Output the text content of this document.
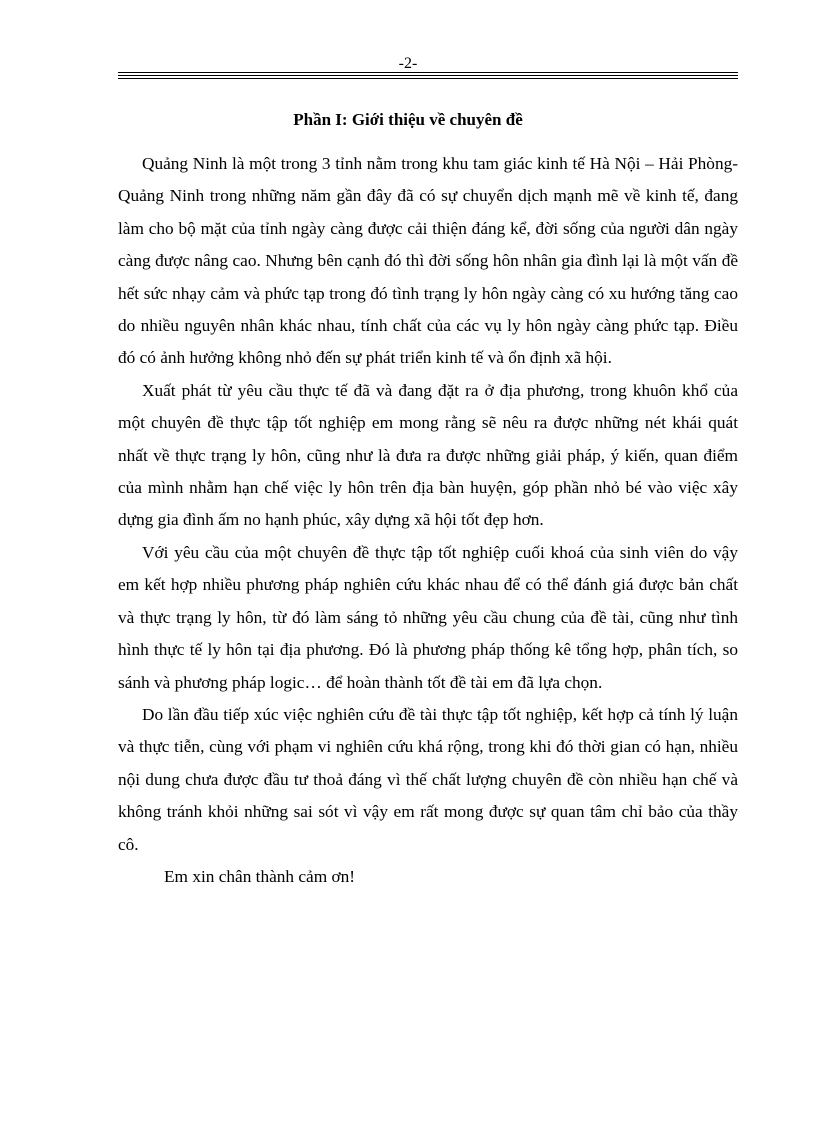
-2-
Phần I: Giới thiệu về chuyên đề

Quảng Ninh là một trong 3 tỉnh nằm trong khu tam giác kinh tế Hà Nội – Hải Phòng- Quảng Ninh trong những năm gần đây đã có sự chuyển dịch mạnh mẽ về kinh tế, đang làm cho bộ mặt của tỉnh ngày càng được cải thiện đáng kể, đời sống của người dân ngày càng được nâng cao. Nhưng bên cạnh đó thì đời sống hôn nhân gia đình lại là một vấn đề hết sức nhạy cảm và phức tạp trong đó tình trạng ly hôn ngày càng có xu hướng tăng cao do nhiều nguyên nhân khác nhau, tính chất của các vụ ly hôn ngày càng phức tạp. Điều đó có ảnh hưởng không nhỏ đến sự phát triển kinh tế và ổn định xã hội.

Xuất phát từ yêu cầu thực tế đã và đang đặt ra ở địa phương, trong khuôn khổ của một chuyên đề thực tập tốt nghiệp em mong rằng sẽ nêu ra được những nét khái quát nhất về thực trạng ly hôn, cũng như là đưa ra được những giải pháp, ý kiến, quan điểm của mình nhằm hạn chế việc ly hôn trên địa bàn huyện, góp phần nhỏ bé vào việc xây dựng gia đình ấm no hạnh phúc, xây dựng xã hội tốt đẹp hơn.

Với yêu cầu của một chuyên đề thực tập tốt nghiệp cuối khoá của sinh viên do vậy em kết hợp nhiều phương pháp nghiên cứu khác nhau để có thể đánh giá được bản chất và thực trạng ly hôn, từ đó làm sáng tỏ những yêu cầu chung của đề tài, cũng như tình hình thực tế ly hôn tại địa phương. Đó là phương pháp thống kê tổng hợp, phân tích, so sánh và phương pháp logic… để hoàn thành tốt đề tài em đã lựa chọn.

Do lần đầu tiếp xúc việc nghiên cứu đề tài thực tập tốt nghiệp, kết hợp cả tính lý luận và thực tiễn, cùng với phạm vi nghiên cứu khá rộng, trong khi đó thời gian có hạn, nhiều nội dung chưa được đầu tư thoả đáng vì thế chất lượng chuyên đề còn nhiều hạn chế và không tránh khỏi những sai sót vì vậy em rất mong được sự quan tâm chỉ bảo của thầy cô.

Em xin chân thành cảm ơn!
